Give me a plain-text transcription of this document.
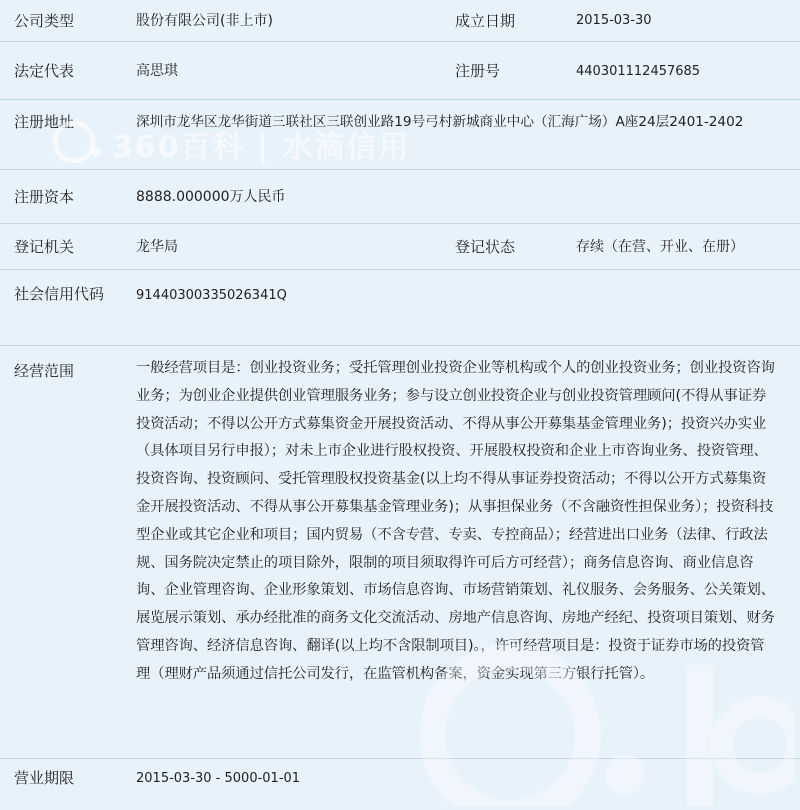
公司类型	股份有限公司(非上市)	成立日期	2015-03-30
法定代表	高思琪	注册号	440301112457685
注册地址	深圳市龙华区龙华街道三联社区三联创业路19号弓村新城商业中心（汇海广场）A座24层2401-2402
注册资本	8888.000000万人民币
登记机关	龙华局	登记状态	存续（在营、开业、在册）
社会信用代码 91440300335026341Q
经营范围	一般经营项目是：创业投资业务；受托管理创业投资企业等机构或个人的创业投资业务；创业投资咨询业务；为创业企业提供创业管理服务业务；参与设立创业投资企业与创业投资管理顾问(不得从事证券投资活动；不得以公开方式募集资金开展投资活动、不得从事公开募集基金管理业务)；投资兴办实业（具体项目另行申报）；对未上市企业进行股权投资、开展股权投资和企业上市咨询业务、投资管理、投资咨询、投资顾问、受托管理股权投资基金(以上均不得从事证券投资活动；不得以公开方式募集资金开展投资活动、不得从事公开募集基金管理业务)；从事担保业务（不含融资性担保业务）；投资科技型企业或其它企业和项目；国内贸易（不含专营、专卖、专控商品）；经营进出口业务（法律、行政法规、国务院决定禁止的项目除外，限制的项目须取得许可后方可经营）；商务信息咨询、商业信息咨询、企业管理咨询、企业形象策划、市场信息咨询、市场营销策划、礼仪服务、会务服务、公关策划、展览展示策划、承办经批准的商务文化交流活动、房地产信息咨询、房地产经纪、投资项目策划、财务管理咨询、经济信息咨询、翻译(以上均不含限制项目)。，许可经营项目是：投资于证券市场的投资管理（理财产品须通过信托公司发行，在监管机构备案，资金实现第三方银行托管）。
营业期限	2015-03-30 - 5000-01-01
360百科 | 水滴信用
